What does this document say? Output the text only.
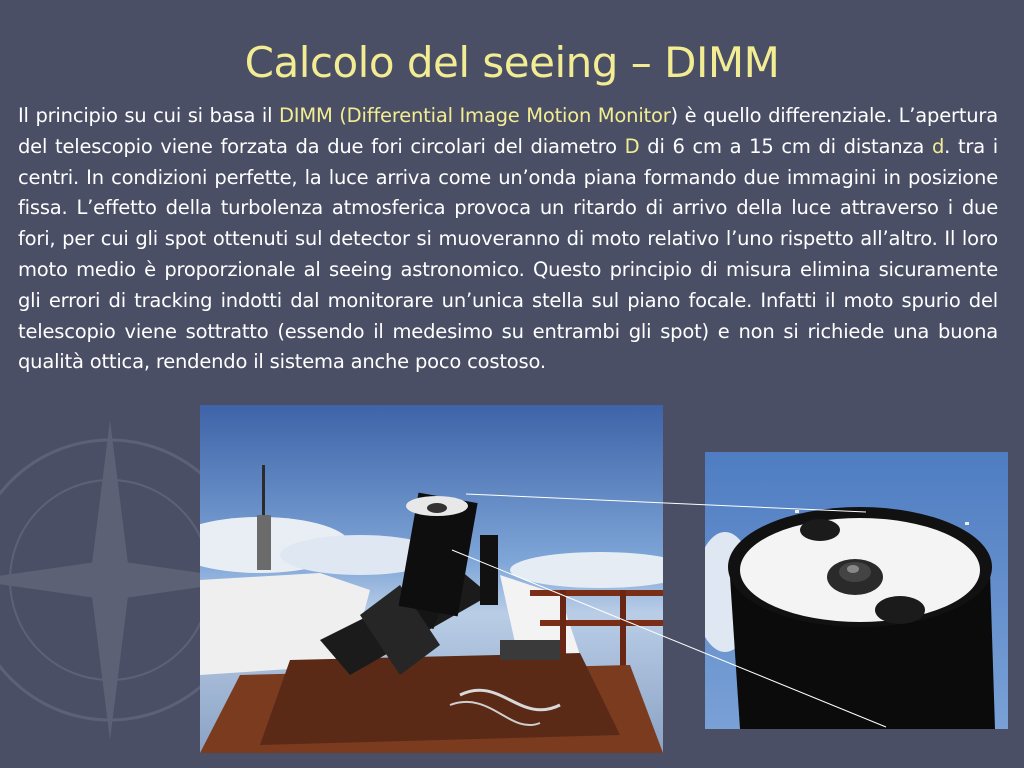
Calcolo del seeing – DIMM
Il principio su cui si basa il DIMM (Differential Image Motion Monitor) è quello differenziale. L’apertura del telescopio viene forzata da due fori circolari del diametro D di 6 cm a 15 cm di distanza d. tra i centri. In condizioni perfette, la luce arriva come un’onda piana formando due immagini in posizione fissa. L’effetto della turbolenza atmosferica provoca un ritardo di arrivo della luce attraverso i due fori, per cui gli spot ottenuti sul detector si muoveranno di moto relativo l’uno rispetto all’altro. Il loro moto medio è proporzionale al seeing astronomico. Questo principio di misura elimina sicuramente gli errori di tracking indotti dal monitorare un’unica stella sul piano focale. Infatti il moto spurio del telescopio viene sottratto (essendo il medesimo su entrambi gli spot) e non si richiede una buona qualità ottica, rendendo il sistema anche poco costoso.
